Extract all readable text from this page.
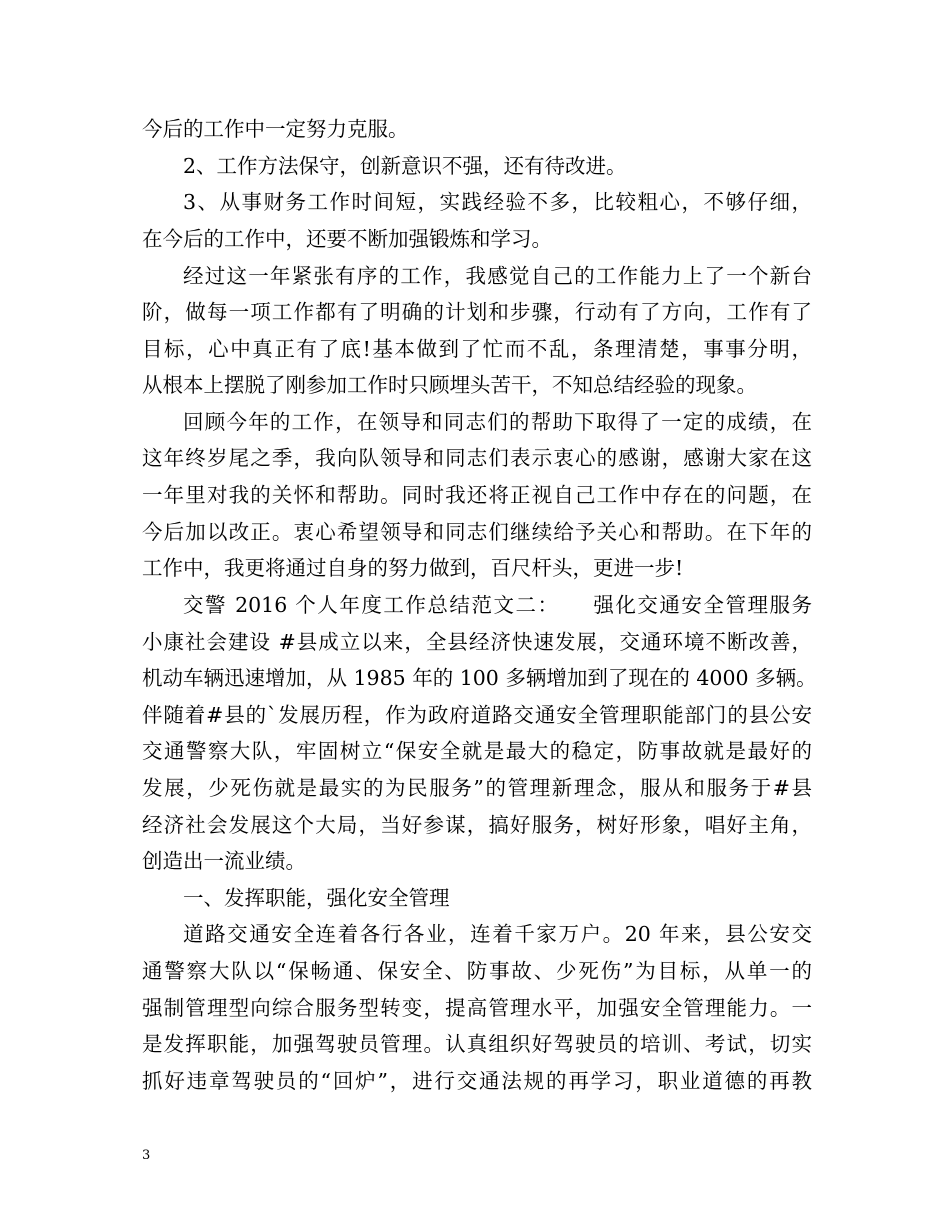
今后的工作中一定努力克服。
2、工作方法保守，创新意识不强，还有待改进。
3、从事财务工作时间短，实践经验不多，比较粗心，不够仔细，
在今后的工作中，还要不断加强锻炼和学习。
经过这一年紧张有序的工作，我感觉自己的工作能力上了一个新台
阶，做每一项工作都有了明确的计划和步骤，行动有了方向，工作有了
目标，心中真正有了底!基本做到了忙而不乱，条理清楚，事事分明，
从根本上摆脱了刚参加工作时只顾埋头苦干，不知总结经验的现象。
回顾今年的工作，在领导和同志们的帮助下取得了一定的成绩，在
这年终岁尾之季，我向队领导和同志们表示衷心的感谢，感谢大家在这
一年里对我的关怀和帮助。同时我还将正视自己工作中存在的问题，在
今后加以改正。衷心希望领导和同志们继续给予关心和帮助。在下年的
工作中，我更将通过自身的努力做到，百尺杆头，更进一步!
交警 2016 个人年度工作总结范文二：　　强化交通安全管理服务
小康社会建设 #县成立以来，全县经济快速发展，交通环境不断改善，
机动车辆迅速增加，从 1985 年的 100 多辆增加到了现在的 4000 多辆。
伴随着#县的`发展历程，作为政府道路交通安全管理职能部门的县公安
交通警察大队，牢固树立“保安全就是最大的稳定，防事故就是最好的
发展，少死伤就是最实的为民服务”的管理新理念，服从和服务于#县
经济社会发展这个大局，当好参谋，搞好服务，树好形象，唱好主角，
创造出一流业绩。
一、发挥职能，强化安全管理
道路交通安全连着各行各业，连着千家万户。20 年来，县公安交
通警察大队以“保畅通、保安全、防事故、少死伤”为目标，从单一的
强制管理型向综合服务型转变，提高管理水平，加强安全管理能力。一
是发挥职能，加强驾驶员管理。认真组织好驾驶员的培训、考试，切实
抓好违章驾驶员的“回炉”，进行交通法规的再学习，职业道德的再教
3
